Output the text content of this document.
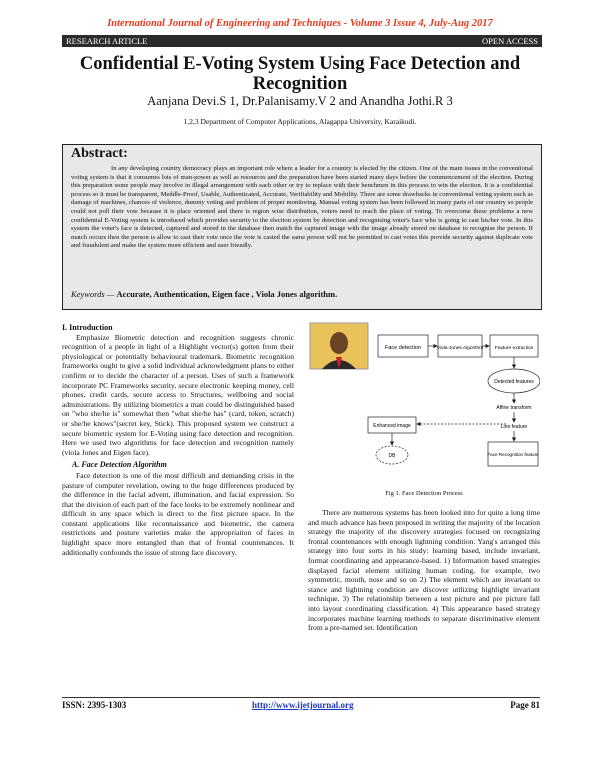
International Journal of Engineering and Techniques - Volume 3 Issue 4, July-Aug 2017
RESEARCH ARTICLE	OPEN ACCESS
Confidential E-Voting System Using Face Detection and Recognition
Aanjana Devi.S 1, Dr.Palanisamy.V 2 and Anandha Jothi.R 3
1,2,3 Department of Computer Applications, Alagappa University, Karaikudi.
Abstract:
In any developing country democracy plays an important role where a leader for a country is elected by the citizen. One of the main issues in the conventional voting system is that it consumes lots of man-power as well as resources and the preparation have been started many days before the commencement of the election. During this preparation some people may involve in illegal arrangement with each other or try to replace with their henchmen in this process to win the election. It is a confidential process so it must be transparent, Meddle-Proof, Usable, Authenticated, Accurate, Verifiability and Mobility. There are some drawbacks in conventional voting system such as damage of machines, chances of violence, dummy voting and problem of proper monitoring. Manual voting system has been followed in many parts of our country so people could not poll their vote because it is place oriented and there is region wise distribution, voters need to reach the place of voting. To overcome these problems a new confidential E-Voting system is introduced which provides security to the election system by detection and recognising voter's face who is going to cast his/her vote. In this system the voter's face is detected, captured and stored in the database then match the captured image with the image already stored on database to recognise the person. If match occurs then the person is allow to cast their vote once the vote is casted the same person will not be permitted to cast votes this provide security against duplicate vote and fraudulent and make the system more efficient and user friendly.
Keywords — Accurate, Authentication, Eigen face , Viola Jones algorithm.
I. Introduction

Emphasize Biometric detection and recognition suggests chronic recognition of a people in light of a Highlight vector(s) gotten from their physiological or potentially behavioural trademark. Biometric recognition frameworks ought to give a solid individual acknowledgment plans to either confirm or to decide the character of a person. Uses of such a framework incorporate PC Frameworks security, secure electronic keeping money, cell phones, credit cards, secure access to Structures, wellbeing and social administrations. By utilizing biometrics a man could be distinguished based on "who she/he is" somewhat then "what she/he has" (card, token, scratch) or she/he knows"(secret key, Stick). This proposed system we construct a secure biometric system for E-Voting using face detection and recognition. Here we used two algorithms for face detection and recognition namely (viola Jones and Eigen face).

A. Face Detection Algorithm

Face detection is one of the most difficult and demanding crisis in the pasture of computer revelation, owing to the huge differences produced by the difference in the facial advent, illumination, and facial expression. So that the division of each part of the face looks to be extremely nonlinear and difficult in any space which is direct to the first picture space. In the constant applications like reconnaissance and biometric, the camera restrictions and posture varieties make the appropriation of faces in highlight space more entangled than that of frontal countenances. It additionally confounds the issue of strong face discovery.

Face detection	Viola-Jones Algorithm Feature extraction
Detected features
Affine transform
Line feature
Face Recognition feature
Enhanced image
DB
Fig 1. Face Detection Process

There are numerous systems has been looked into for quite a long time and much advance has been proposed in writing the majority of the location strategy the majority of the discovery strategies focused on recognizing frontal countenances with enough lightning condition. Yang's arranged this strategy into four sorts in his study: learning based, include invariant, format coordinating and appearance-based. 1) Information based strategies displayed facial element utilizing human coding, for example, two symmetric, mouth, nose and so on 2) The element which are invariant to stance and lightning condition are discover utilizing highlight invariant technique. 3) The relationship between a test picture and pre picture fall into layout coordinating classification. 4) This appearance based strategy incorporates machine learning methods to separate discriminative element from a pre-named set. Identification

ISSN: 2395-1303	http://www.ijetjournal.org	Page 81
